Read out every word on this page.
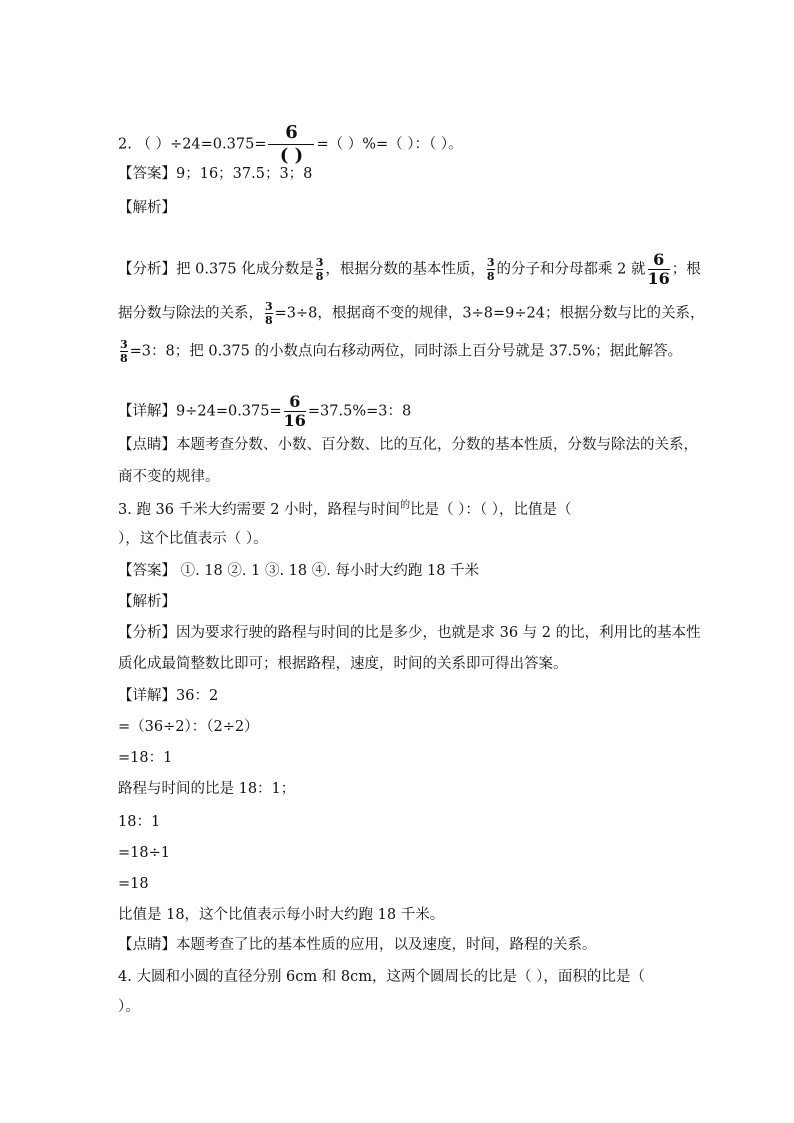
2. （ ）$\div 24=0.375= \frac{6}{( )}$ =（ ）%=（ ）：（ ）。
【答案】9；16；37.5；3；8
【解析】
【分析】把 0.375 化成分数是 $\frac{3}{8}$ ，根据分数的基本性质， $\frac{3}{8}$ 的分子和分母都乘 2 就 $\frac{6}{16}$ ；根
据分数与除法的关系， $\frac{3}{8} =3\div 8$，根据商不变的规律，3÷8=9÷24；根据分数与比的关系，
$\frac{3}{8} =3$：8；把 0.375 的小数点向右移动两位，同时添上百分号就是 37.5%；据此解答。
【详解】$9\div 24=0.375= \frac{6}{16} =37.5\%=3$：8
【点睛】本题考查分数、小数、百分数、比的互化，分数的基本性质，分数与除法的关系，
商不变的规律。
3. 跑 36 千米大约需要 2 小时，路程与时间$^的$比是（ ）：（ ），比值是（
），这个比值表示（ ）。
【答案】 ①. 18 ②. 1 ③. 18 ④. 每小时大约跑 18 千米
【解析】
【分析】因为要求行驶的路程与时间的比是多少，也就是求 36 与 2 的比，利用比的基本性
质化成最简整数比即可；根据路程，速度，时间的关系即可得出答案。
【详解】36：2
=（36÷2）：（2÷2）
=18：1
路程与时间的比是 18：1；
18：1
=18÷1
=18
比值是 18，这个比值表示每小时大约跑 18 千米。
【点睛】本题考查了比的基本性质的应用，以及速度，时间，路程的关系。
4. 大圆和小圆的直径分别 6cm 和 8cm，这两个圆周长的比是（ ），面积的比是（
）。
